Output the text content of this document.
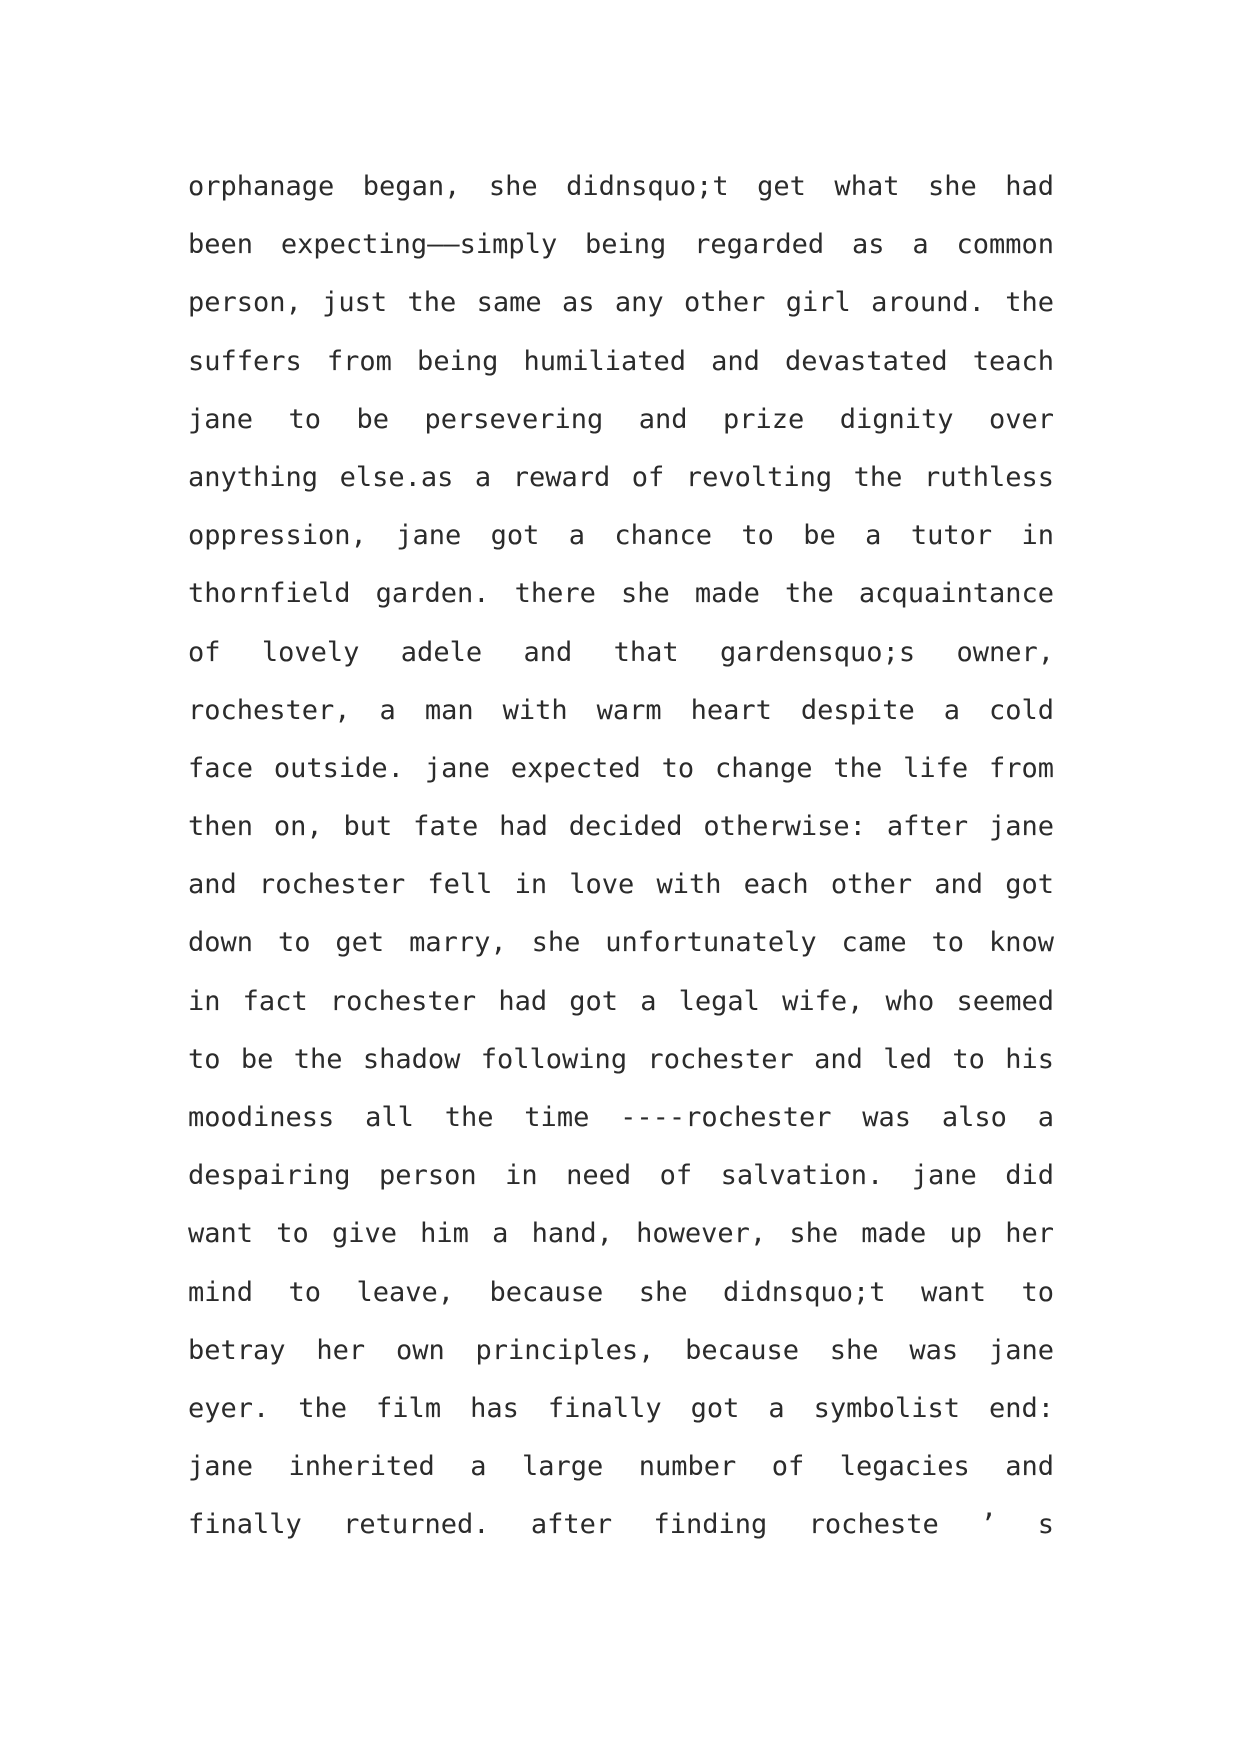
orphanage began, she didnsquo;t get what she had
been expecting——simply being regarded as a common
person, just the same as any other girl around. the
suffers from being humiliated and devastated teach
jane to be persevering and prize dignity over
anything else.as a reward of revolting the ruthless
oppression, jane got a chance to be a tutor in
thornfield garden. there she made the acquaintance
of lovely adele and that gardensquo;s owner,
rochester, a man with warm heart despite a cold
face outside. jane expected to change the life from
then on, but fate had decided otherwise: after jane
and rochester fell in love with each other and got
down to get marry, she unfortunately came to know
in fact rochester had got a legal wife, who seemed
to be the shadow following rochester and led to his
moodiness all the time ----rochester was also a
despairing person in need of salvation. jane did
want to give him a hand, however, she made up her
mind to leave, because she didnsquo;t want to
betray her own principles, because she was jane
eyer. the film has finally got a symbolist end:
jane inherited a large number of legacies and
finally returned. after finding rocheste ’ s
